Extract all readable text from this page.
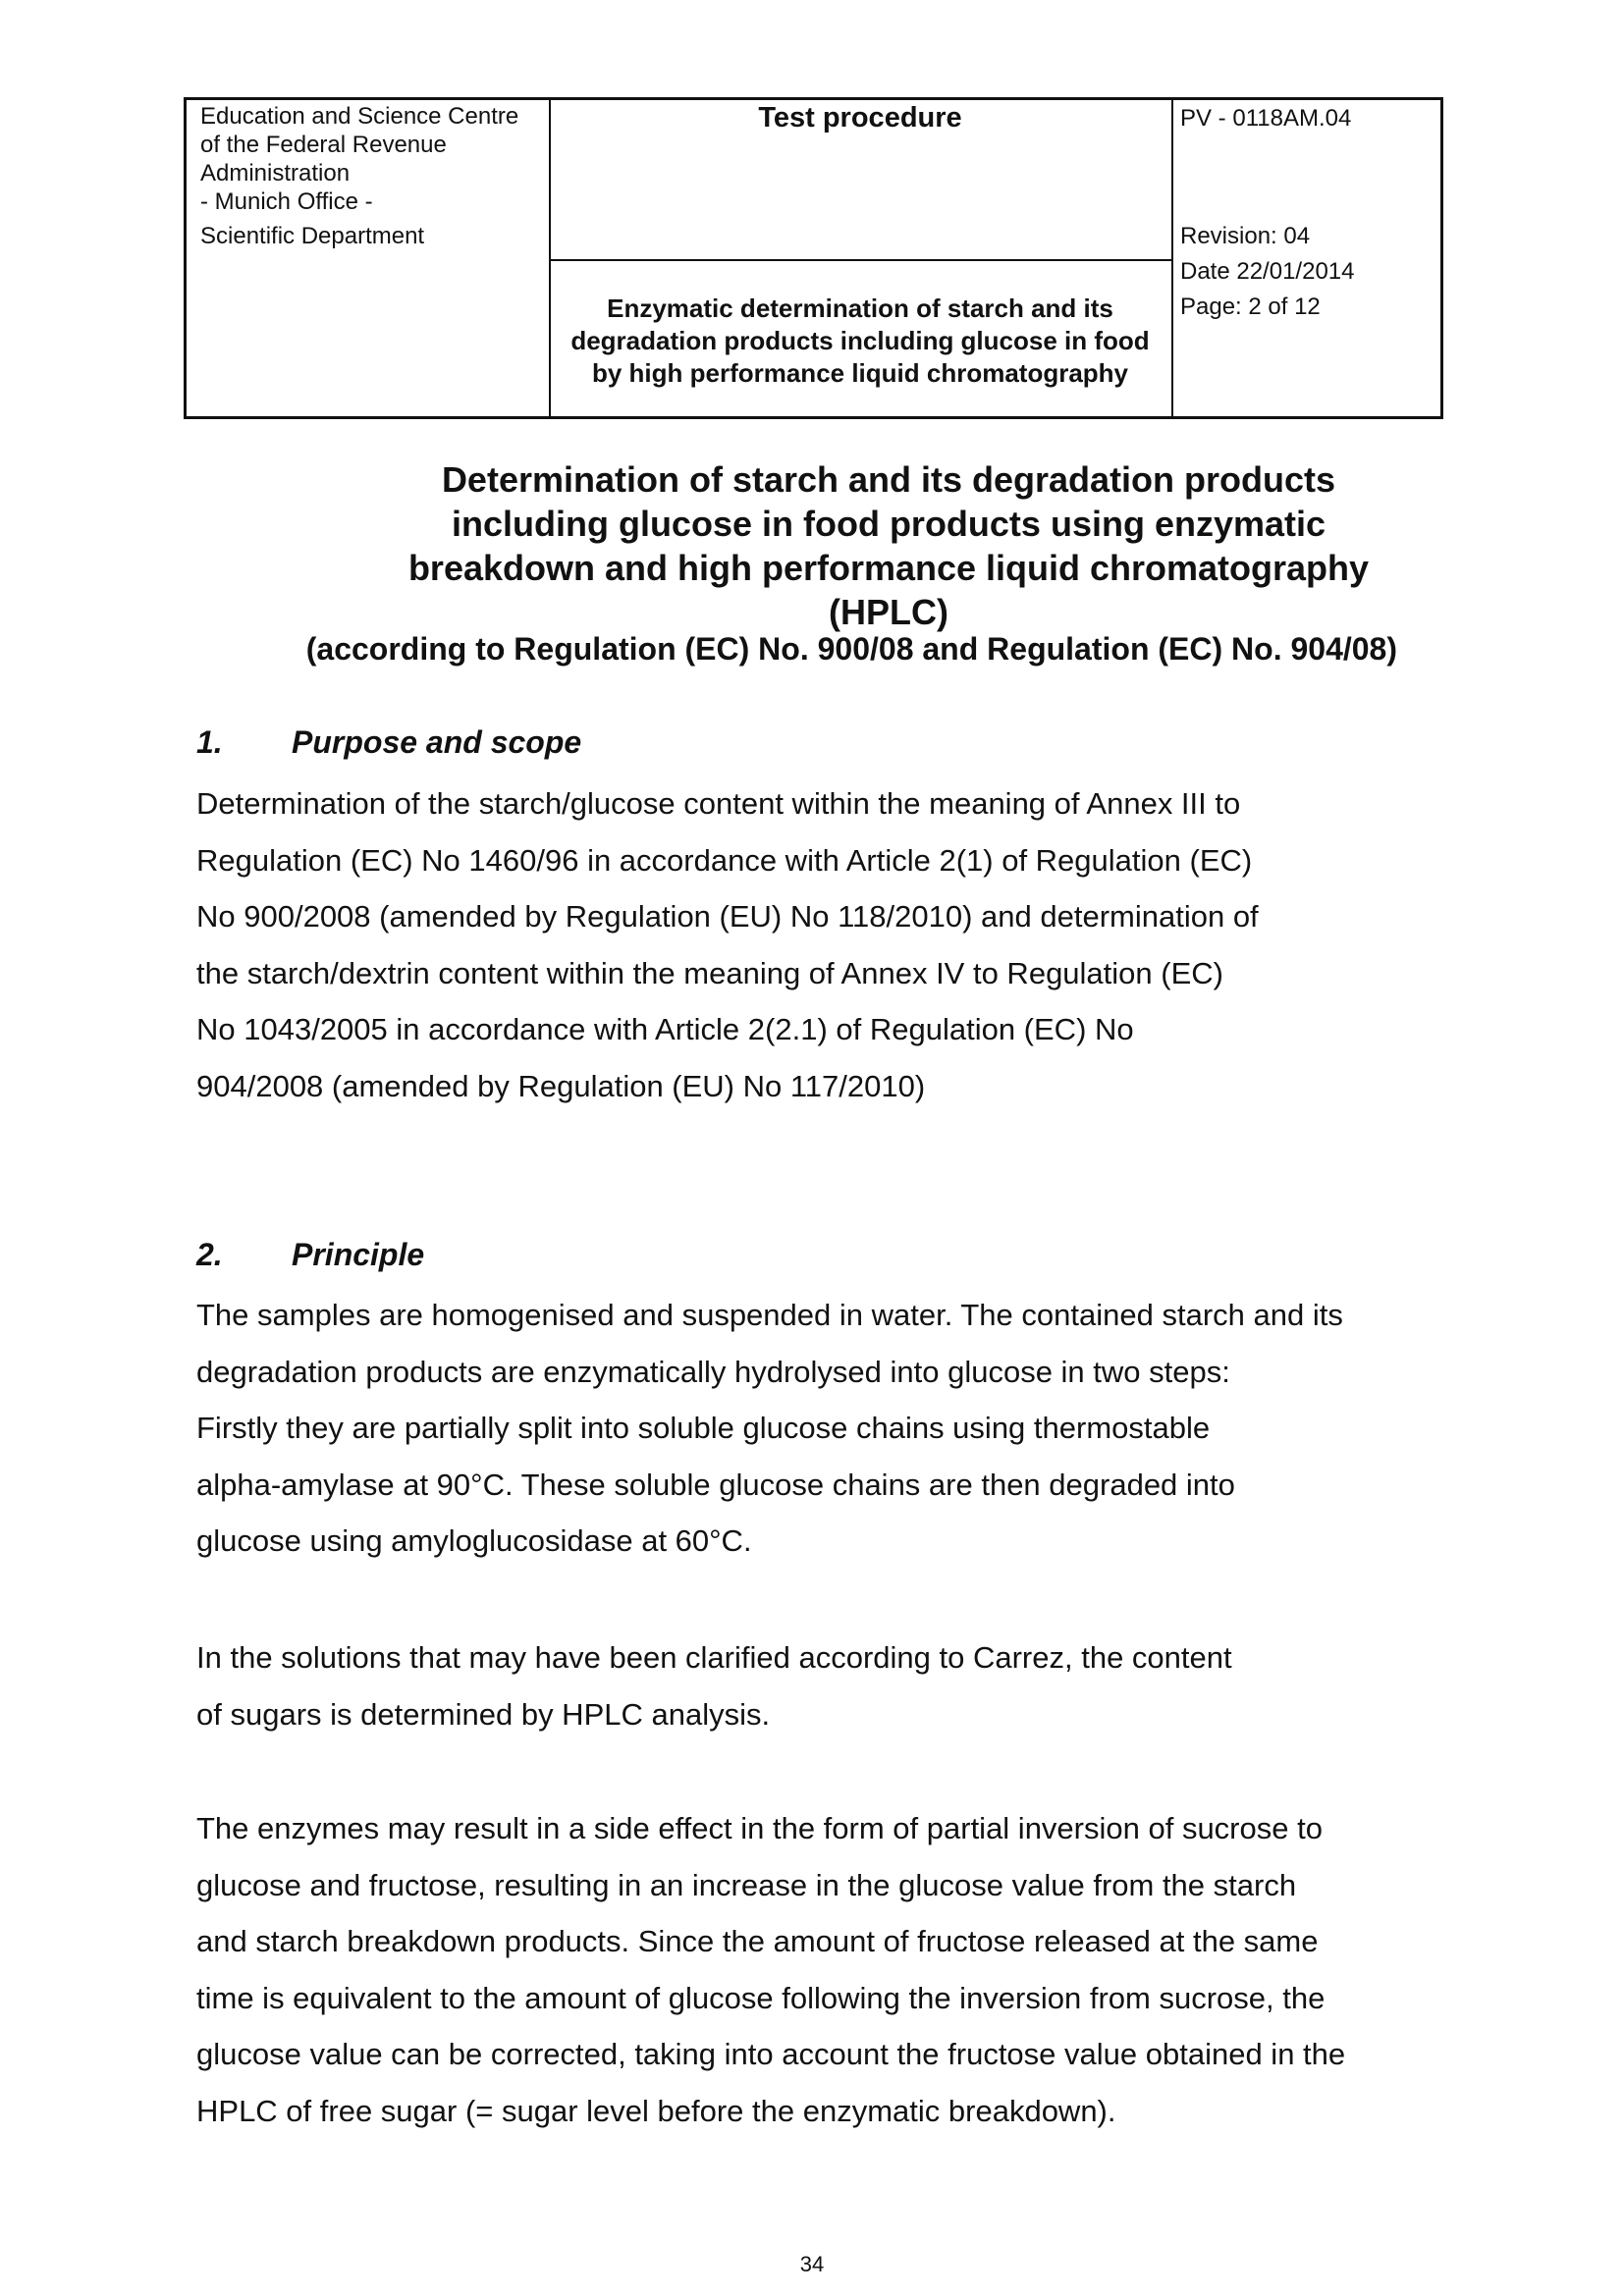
Education and Science Centre
of the Federal Revenue
Administration
- Munich Office -
Scientific Department
Test procedure
Enzymatic determination of starch and its degradation products including glucose in food by high performance liquid chromatography
PV - 0118AM.04
Revision: 04
Date 22/01/2014
Page: 2 of 12
Determination of starch and its degradation products
including glucose in food products using enzymatic
breakdown and high performance liquid chromatography
(HPLC)
(according to Regulation (EC) No. 900/08 and Regulation (EC) No. 904/08)
1. Purpose and scope
Determination of the starch/glucose content within the meaning of Annex III to
Regulation (EC) No 1460/96 in accordance with Article 2(1) of Regulation (EC)
No 900/2008 (amended by Regulation (EU) No 118/2010) and determination of
the starch/dextrin content within the meaning of Annex IV to Regulation (EC)
No 1043/2005 in accordance with Article 2(2.1) of Regulation (EC) No
904/2008 (amended by Regulation (EU) No 117/2010)
2. Principle
The samples are homogenised and suspended in water. The contained starch and its
degradation products are enzymatically hydrolysed into glucose in two steps:
Firstly they are partially split into soluble glucose chains using thermostable
alpha-amylase at 90°C. These soluble glucose chains are then degraded into
glucose using amyloglucosidase at 60°C.
In the solutions that may have been clarified according to Carrez, the content
of sugars is determined by HPLC analysis.
The enzymes may result in a side effect in the form of partial inversion of sucrose to
glucose and fructose, resulting in an increase in the glucose value from the starch
and starch breakdown products. Since the amount of fructose released at the same
time is equivalent to the amount of glucose following the inversion from sucrose, the
glucose value can be corrected, taking into account the fructose value obtained in the
HPLC of free sugar (= sugar level before the enzymatic breakdown).
34
